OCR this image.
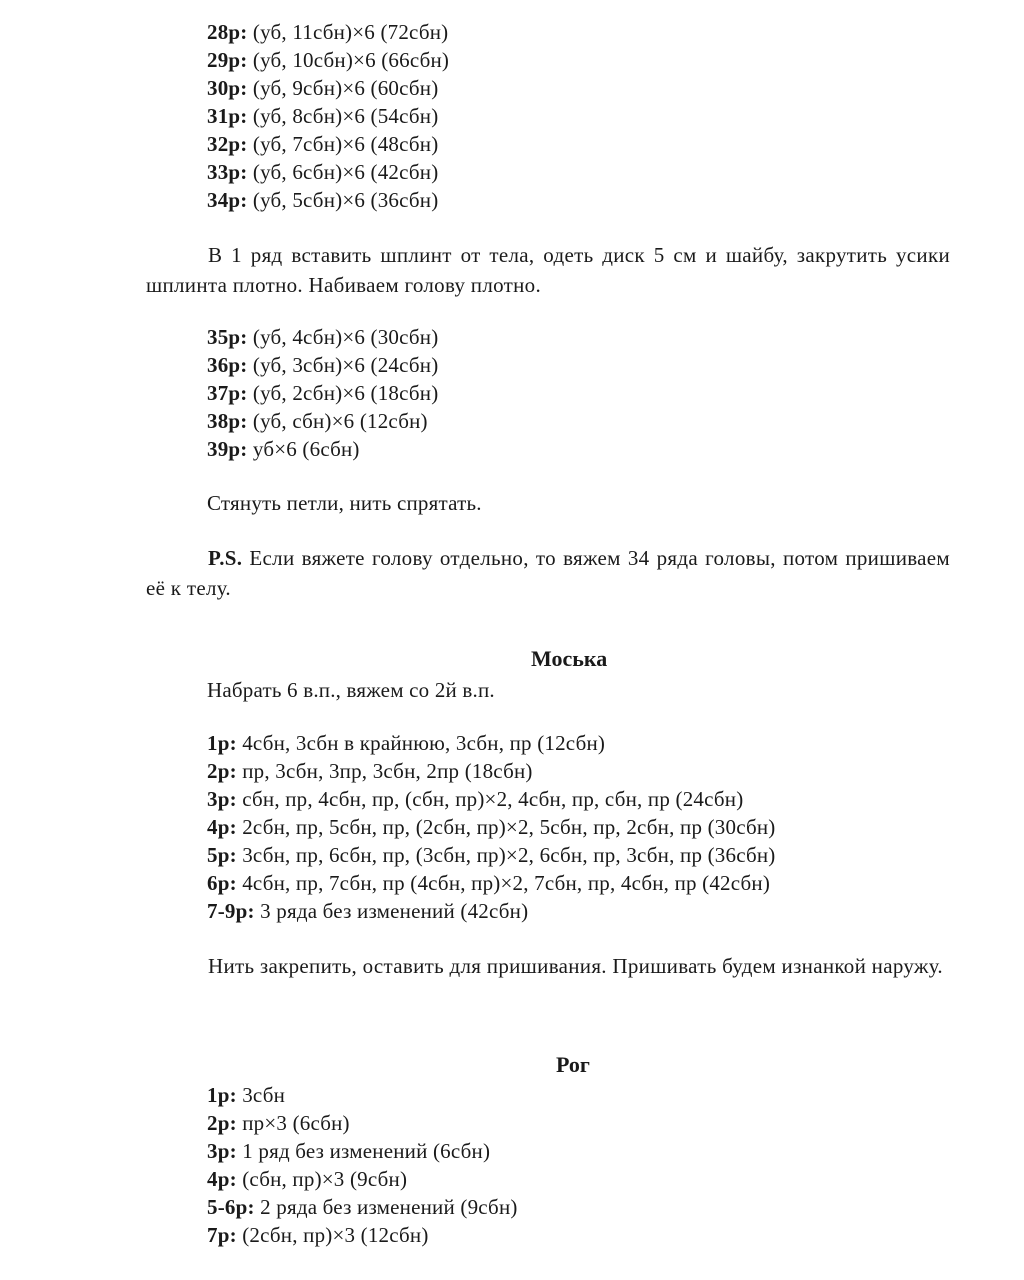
28р: (уб, 11сбн)×6 (72сбн)
29р: (уб, 10сбн)×6 (66сбн)
30р: (уб, 9сбн)×6 (60сбн)
31р: (уб, 8сбн)×6 (54сбн)
32р: (уб, 7сбн)×6 (48сбн)
33р: (уб, 6сбн)×6 (42сбн)
34р: (уб, 5сбн)×6 (36сбн)
В 1 ряд вставить шплинт от тела, одеть диск 5 см и шайбу, закрутить усики шплинта плотно. Набиваем голову плотно.
35р: (уб, 4сбн)×6 (30сбн)
36р: (уб, 3сбн)×6 (24сбн)
37р: (уб, 2сбн)×6 (18сбн)
38р: (уб, сбн)×6 (12сбн)
39р: уб×6 (6сбн)
Стянуть петли, нить спрятать.
P.S. Если вяжете голову отдельно, то вяжем 34 ряда головы, потом пришиваем её к телу.
Моська
Набрать 6 в.п., вяжем со 2й в.п.
1р: 4сбн, 3сбн в крайнюю, 3сбн, пр (12сбн)
2р: пр, 3сбн, 3пр, 3сбн, 2пр (18сбн)
3р: сбн, пр, 4сбн, пр, (сбн, пр)×2, 4сбн, пр, сбн, пр (24сбн)
4р: 2сбн, пр, 5сбн, пр, (2сбн, пр)×2, 5сбн, пр, 2сбн, пр (30сбн)
5р: 3сбн, пр, 6сбн, пр, (3сбн, пр)×2, 6сбн, пр, 3сбн, пр (36сбн)
6р: 4сбн, пр, 7сбн, пр (4сбн, пр)×2, 7сбн, пр, 4сбн, пр (42сбн)
7-9р: 3 ряда без изменений (42сбн)
Нить закрепить, оставить для пришивания. Пришивать будем изнанкой наружу.
Рог
1р: 3сбн
2р: пр×3 (6сбн)
3р: 1 ряд без изменений (6сбн)
4р: (сбн, пр)×3 (9сбн)
5-6р: 2 ряда без изменений (9сбн)
7р: (2сбн, пр)×3 (12сбн)
